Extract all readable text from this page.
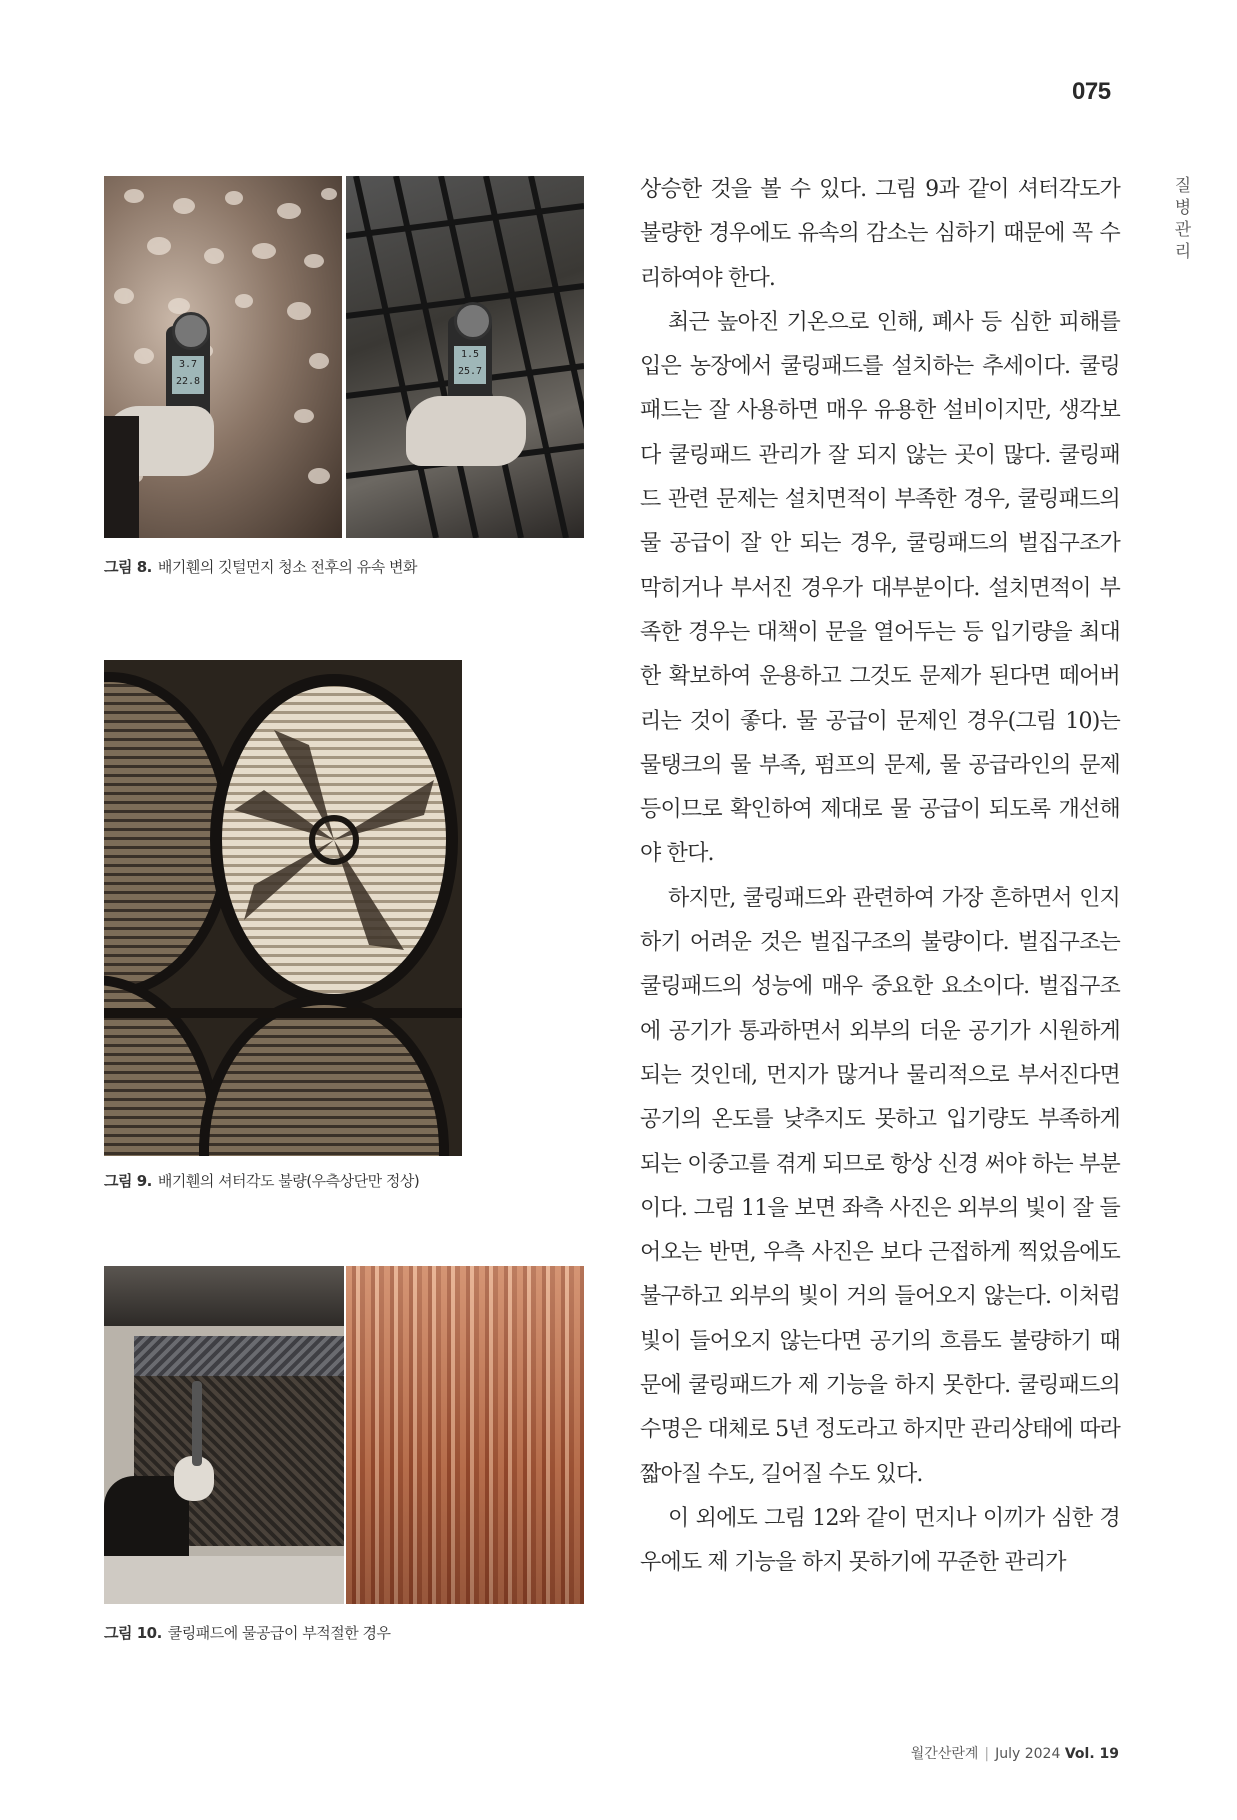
075
질병관리
3.7
22.8
1.5
25.7
그림 8. 배기휀의 깃털먼지 청소 전후의 유속 변화
그림 9. 배기휀의 셔터각도 불량(우측상단만 정상)
그림 10. 쿨링패드에 물공급이 부적절한 경우

상승한 것을 볼 수 있다. 그림 9과 같이 셔터각도가 불량한 경우에도 유속의 감소는 심하기 때문에 꼭 수리하여야 한다.

최근 높아진 기온으로 인해, 폐사 등 심한 피해를 입은 농장에서 쿨링패드를 설치하는 추세이다. 쿨링패드는 잘 사용하면 매우 유용한 설비이지만, 생각보다 쿨링패드 관리가 잘 되지 않는 곳이 많다. 쿨링패드 관련 문제는 설치면적이 부족한 경우, 쿨링패드의 물 공급이 잘 안 되는 경우, 쿨링패드의 벌집구조가 막히거나 부서진 경우가 대부분이다. 설치면적이 부족한 경우는 대책이 문을 열어두는 등 입기량을 최대한 확보하여 운용하고 그것도 문제가 된다면 떼어버리는 것이 좋다. 물 공급이 문제인 경우(그림 10)는 물탱크의 물 부족, 펌프의 문제, 물 공급라인의 문제 등이므로 확인하여 제대로 물 공급이 되도록 개선해야 한다.

하지만, 쿨링패드와 관련하여 가장 흔하면서 인지하기 어려운 것은 벌집구조의 불량이다. 벌집구조는 쿨링패드의 성능에 매우 중요한 요소이다. 벌집구조에 공기가 통과하면서 외부의 더운 공기가 시원하게 되는 것인데, 먼지가 많거나 물리적으로 부서진다면 공기의 온도를 낮추지도 못하고 입기량도 부족하게 되는 이중고를 겪게 되므로 항상 신경 써야 하는 부분이다. 그림 11을 보면 좌측 사진은 외부의 빛이 잘 들어오는 반면, 우측 사진은 보다 근접하게 찍었음에도 불구하고 외부의 빛이 거의 들어오지 않는다. 이처럼 빛이 들어오지 않는다면 공기의 흐름도 불량하기 때문에 쿨링패드가 제 기능을 하지 못한다. 쿨링패드의 수명은 대체로 5년 정도라고 하지만 관리상태에 따라 짧아질 수도, 길어질 수도 있다.

이 외에도 그림 12와 같이 먼지나 이끼가 심한 경우에도 제 기능을 하지 못하기에 꾸준한 관리가

월간산란계 | July 2024 Vol. 19
